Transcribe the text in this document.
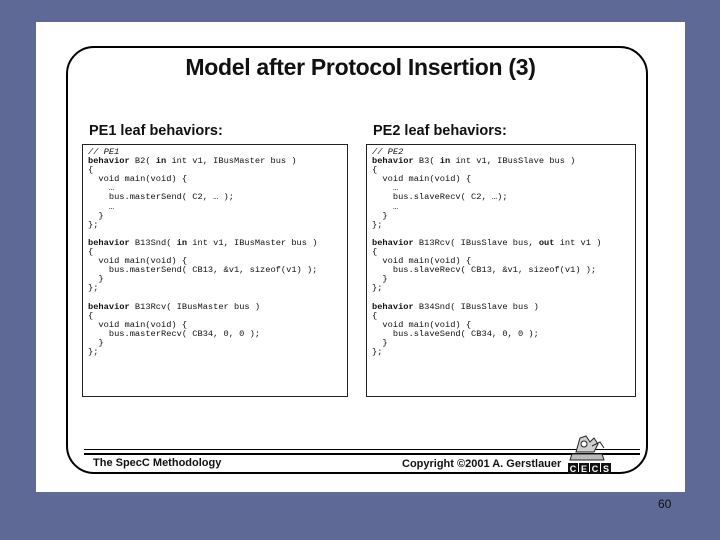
Model after Protocol Insertion (3)
PE1 leaf behaviors:	PE2 leaf behaviors:
// PE1
behavior B2( in int v1, IBusMaster bus )
{
void main(void) {
…
bus.masterSend( C2, … );
…
}
};

behavior B13Snd( in int v1, IBusMaster bus )
{
void main(void) {
bus.masterSend( CB13, &v1, sizeof(v1) );
}
};

behavior B13Rcv( IBusMaster bus )
{
void main(void) {
bus.masterRecv( CB34, 0, 0 );
}
};
// PE2
behavior B3( in int v1, IBusSlave bus )
{
void main(void) {
…
bus.slaveRecv( C2, …);
…
}
};

behavior B13Rcv( IBusSlave bus, out int v1 )
{
void main(void) {
bus.slaveRecv( CB13, &v1, sizeof(v1) );
}
};

behavior B34Snd( IBusSlave bus )
{
void main(void) {
bus.slaveSend( CB34, 0, 0 );
}
};
The SpecC Methodology	Copyright ©2001 A. Gerstlauer C E C S
60
